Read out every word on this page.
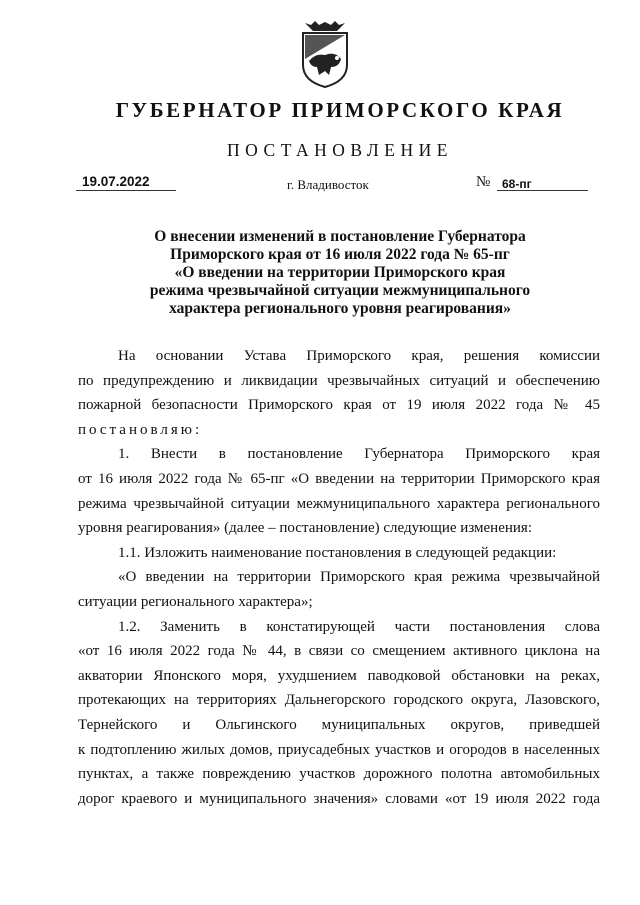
ГУБЕРНАТОР ПРИМОРСКОГО КРАЯ
ПОСТАНОВЛЕНИЕ
19.07.2022	г. Владивосток	№ 68-пг
О внесении изменений в постановление Губернатора
Приморского края от 16 июля 2022 года № 65-пг
«О введении на территории Приморского края
режима чрезвычайной ситуации межмуниципального
характера регионального уровня реагирования»

На основании Устава Приморского края, решения комиссии

по предупреждению и ликвидации чрезвычайных ситуаций и обеспечению

пожарной безопасности Приморского края от 19 июля 2022 года № 45

постановляю:

1. Внести в постановление Губернатора Приморского края

от 16 июля 2022 года № 65-пг «О введении на территории Приморского края

режима чрезвычайной ситуации межмуниципального характера регионального

уровня реагирования» (далее – постановление) следующие изменения:

1.1. Изложить наименование постановления в следующей редакции:

«О введении на территории Приморского края режима чрезвычайной

ситуации регионального характера»;

1.2. Заменить в констатирующей части постановления слова

«от 16 июля 2022 года № 44, в связи со смещением активного циклона на

акватории Японского моря, ухудшением паводковой обстановки на реках,

протекающих на территориях Дальнегорского городского округа, Лазовского,

Тернейского и Ольгинского муниципальных округов, приведшей

к подтоплению жилых домов, приусадебных участков и огородов в населенных

пунктах, а также повреждению участков дорожного полотна автомобильных

дорог краевого и муниципального значения» словами «от 19 июля 2022 года
